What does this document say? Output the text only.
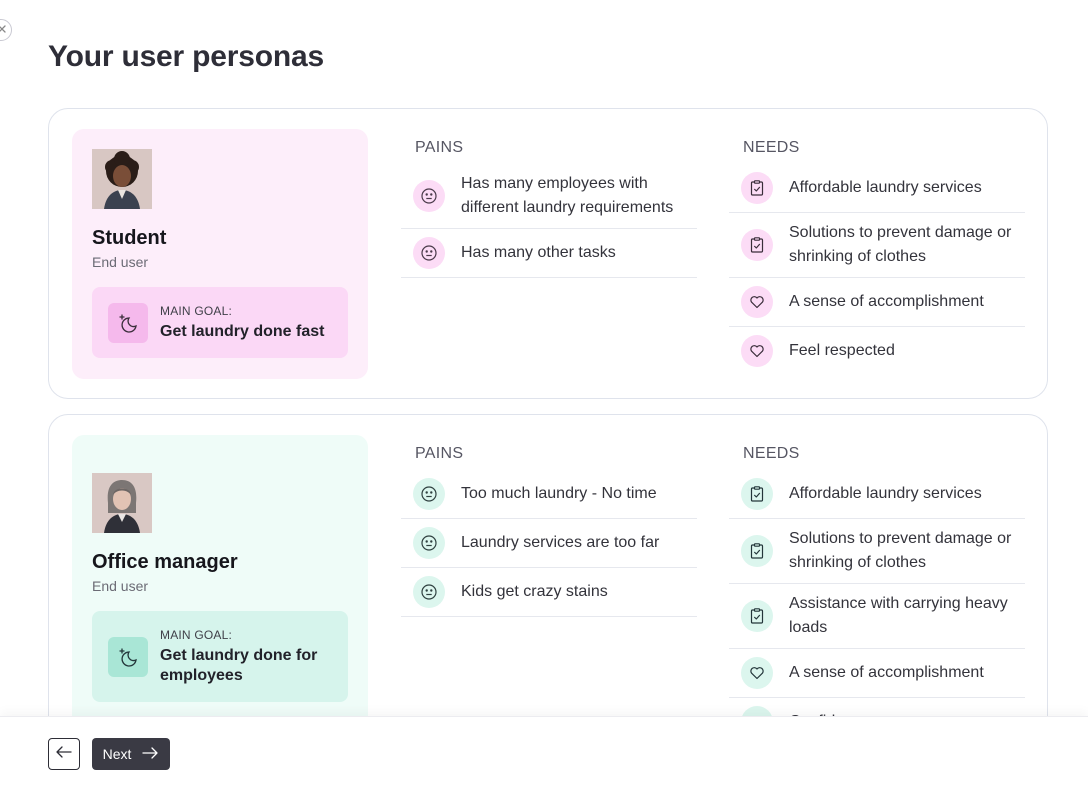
Your user personas
Student
End user
MAIN GOAL:
Get laundry done fast
PAINS	NEEDS
Has many employees with different laundry requirements
Has many other tasks
Affordable laundry services
Solutions to prevent damage or shrinking of clothes
A sense of accomplishment
Feel respected
Office manager
End user
MAIN GOAL:
Get laundry done for employees
PAINS	NEEDS
Too much laundry - No time
Laundry services are too far
Kids get crazy stains
Affordable laundry services
Solutions to prevent damage or shrinking of clothes
Assistance with carrying heavy loads
A sense of accomplishment
Next
